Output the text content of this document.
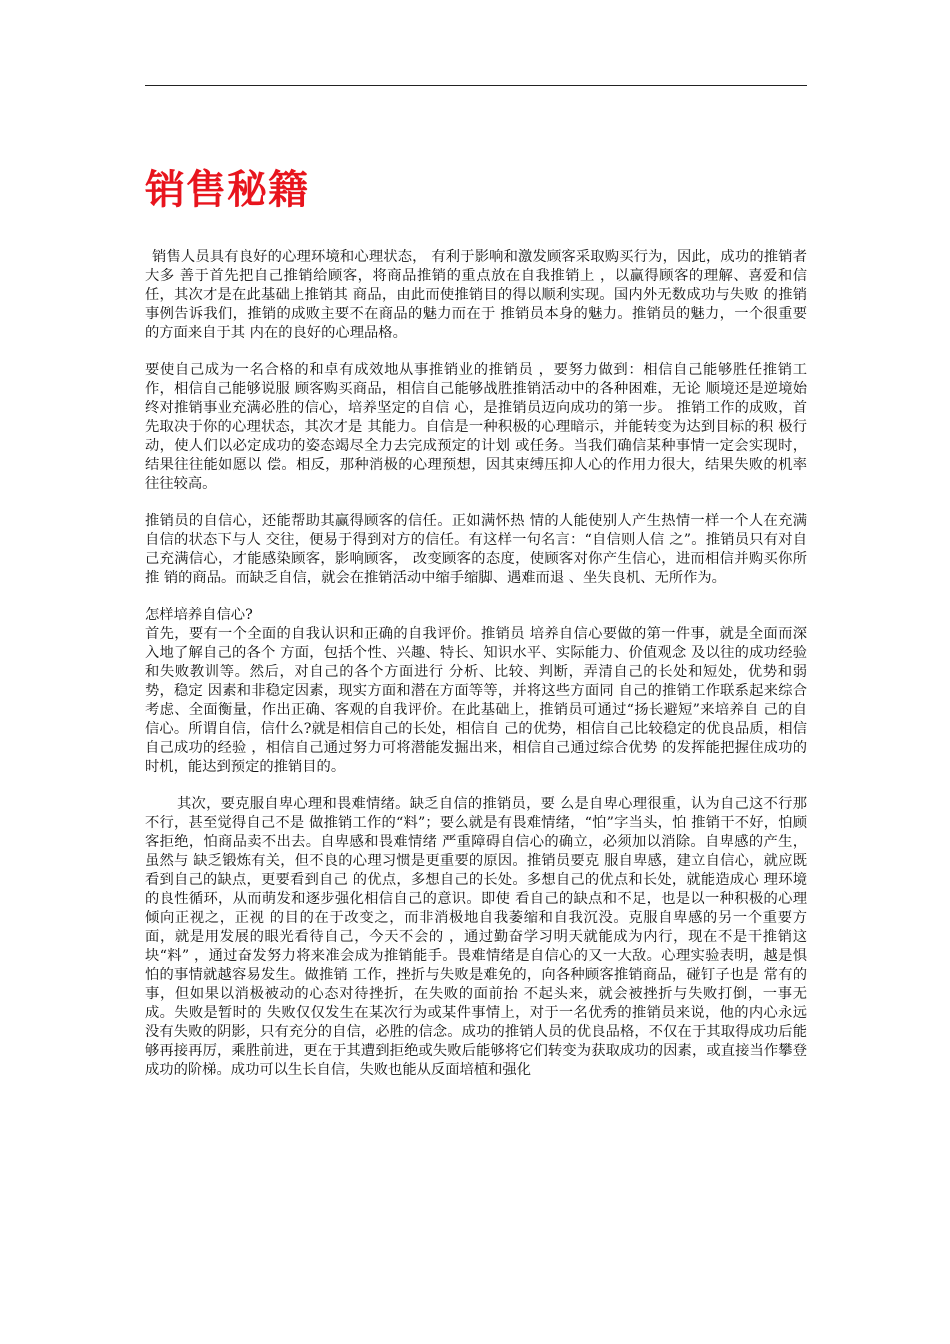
销售秘籍

销售人员具有良好的心理环境和心理状态， 有利于影响和激发顾客采取购买行为，因此，成功的推销者大多 善于首先把自己推销给顾客，将商品推销的重点放在自我推销上 ，以赢得顾客的理解、喜爱和信任，其次才是在此基础上推销其 商品，由此而使推销目的得以顺利实现。国内外无数成功与失败 的推销事例告诉我们，推销的成败主要不在商品的魅力而在于 推销员本身的魅力。推销员的魅力，一个很重要的方面来自于其 内在的良好的心理品格。

要使自己成为一名合格的和卓有成效地从事推销业的推销员 ，要努力做到：相信自己能够胜任推销工作，相信自己能够说服 顾客购买商品，相信自己能够战胜推销活动中的各种困难，无论 顺境还是逆境始终对推销事业充满必胜的信心，培养坚定的自信 心，是推销员迈向成功的第一步。 推销工作的成败，首先取决于你的心理状态，其次才是 其能力。自信是一种积极的心理暗示，并能转变为达到目标的积 极行动，使人们以必定成功的姿态竭尽全力去完成预定的计划 或任务。当我们确信某种事情一定会实现时，结果往往能如愿以 偿。相反，那种消极的心理预想，因其束缚压抑人心的作用力很大，结果失败的机率往往较高。

推销员的自信心，还能帮助其赢得顾客的信任。正如满怀热 情的人能使别人产生热情一样一个人在充满自信的状态下与人 交往，便易于得到对方的信任。有这样一句名言：“自信则人信 之”。推销员只有对自己充满信心，才能感染顾客，影响顾客， 改变顾客的态度，使顾客对你产生信心，进而相信并购买你所推 销的商品。而缺乏自信，就会在推销活动中缩手缩脚、遇难而退 、坐失良机、无所作为。

怎样培养自信心?

首先，要有一个全面的自我认识和正确的自我评价。推销员 培养自信心要做的第一件事，就是全面而深入地了解自己的各个 方面，包括个性、兴趣、特长、知识水平、实际能力、价值观念 及以往的成功经验和失败教训等。然后，对自己的各个方面进行 分析、比较、判断，弄清自己的长处和短处，优势和弱势，稳定 因素和非稳定因素，现实方面和潜在方面等等，并将这些方面同 自己的推销工作联系起来综合考虑、全面衡量，作出正确、客观的自我评价。在此基础上，推销员可通过“扬长避短”来培养自 己的自信心。所谓自信，信什么?就是相信自己的长处，相信自 己的优势，相信自己比较稳定的优良品质，相信自己成功的经验 ，相信自己通过努力可将潜能发掘出来，相信自己通过综合优势 的发挥能把握住成功的时机，能达到预定的推销目的。

其次，要克服自卑心理和畏难情绪。缺乏自信的推销员，要 么是自卑心理很重，认为自己这不行那不行，甚至觉得自己不是 做推销工作的“料”；要么就是有畏难情绪，“怕”字当头，怕 推销干不好，怕顾客拒绝，怕商品卖不出去。自卑感和畏难情绪 严重障碍自信心的确立，必须加以消除。自卑感的产生，虽然与 缺乏锻炼有关，但不良的心理习惯是更重要的原因。推销员要克 服自卑感，建立自信心，就应既看到自己的缺点，更要看到自己 的优点，多想自己的长处。多想自己的优点和长处，就能造成心 理环境的良性循环，从而萌发和逐步强化相信自己的意识。即使 看自己的缺点和不足，也是以一种积极的心理倾向正视之，正视 的目的在于改变之，而非消极地自我萎缩和自我沉没。克服自卑感的另一个重要方面，就是用发展的眼光看待自己，今天不会的 ，通过勤奋学习明天就能成为内行，现在不是干推销这块“料” ，通过奋发努力将来准会成为推销能手。畏难情绪是自信心的又一大敌。心理实验表明，越是惧怕的事情就越容易发生。做推销 工作，挫折与失败是难免的，向各种顾客推销商品，碰钉子也是 常有的事，但如果以消极被动的心态对待挫折，在失败的面前抬 不起头来，就会被挫折与失败打倒，一事无成。失败是暂时的 失败仅仅发生在某次行为或某件事情上，对于一名优秀的推销员来说，他的内心永远没有失败的阴影，只有充分的自信，必胜的信念。成功的推销人员的优良品格，不仅在于其取得成功后能够再接再厉，乘胜前进，更在于其遭到拒绝或失败后能够将它们转变为获取成功的因素，或直接当作攀登成功的阶梯。成功可以生长自信，失败也能从反面培植和强化
